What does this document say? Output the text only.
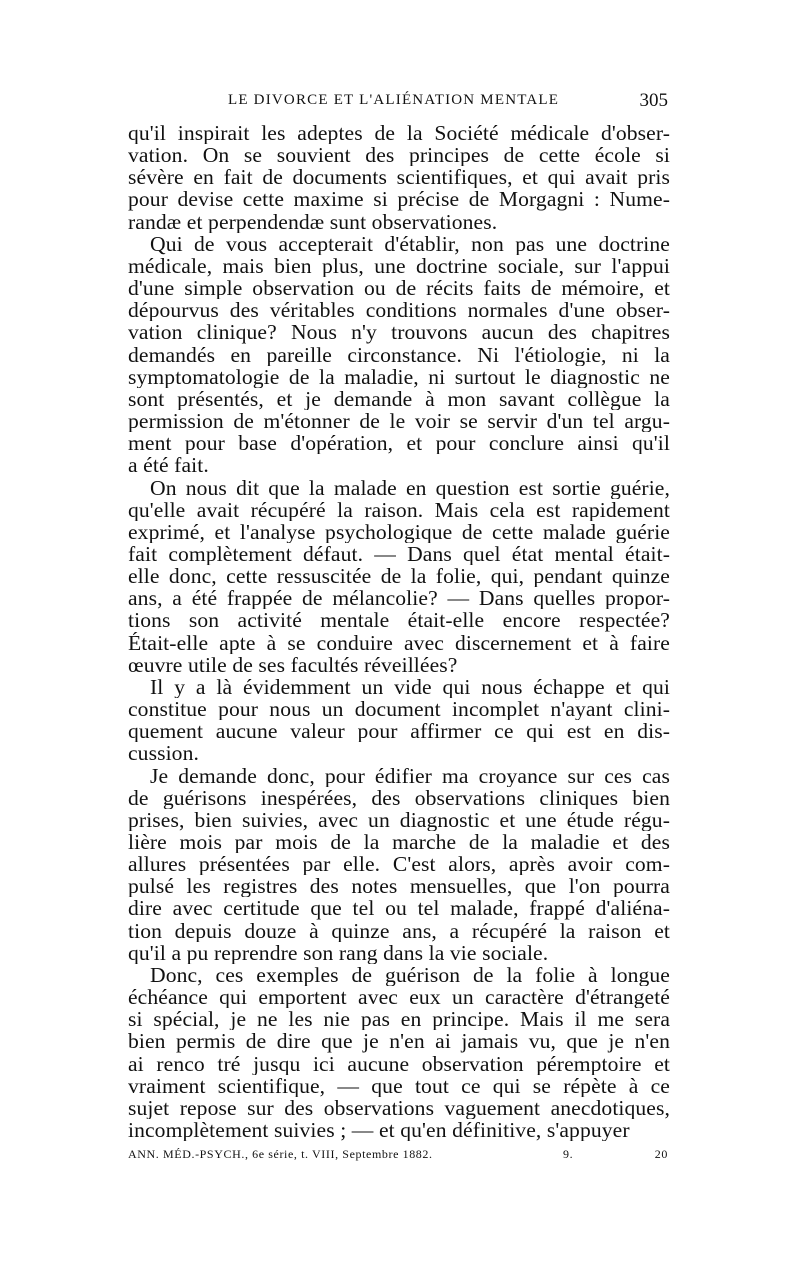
LE DIVORCE ET L'ALIÉNATION MENTALE	305

qu'il inspirait les adeptes de la Société médicale d'obser-
vation. On se souvient des principes de cette école si
sévère en fait de documents scientifiques, et qui avait pris
pour devise cette maxime si précise de Morgagni : Nume-
randæ et perpendendæ sunt observationes.

Qui de vous accepterait d'établir, non pas une doctrine
médicale, mais bien plus, une doctrine sociale, sur l'appui
d'une simple observation ou de récits faits de mémoire, et
dépourvus des véritables conditions normales d'une obser-
vation clinique? Nous n'y trouvons aucun des chapitres
demandés en pareille circonstance. Ni l'étiologie, ni la
symptomatologie de la maladie, ni surtout le diagnostic ne
sont présentés, et je demande à mon savant collègue la
permission de m'étonner de le voir se servir d'un tel argu-
ment pour base d'opération, et pour conclure ainsi qu'il
a été fait.

On nous dit que la malade en question est sortie guérie,
qu'elle avait récupéré la raison. Mais cela est rapidement
exprimé, et l'analyse psychologique de cette malade guérie
fait complètement défaut. — Dans quel état mental était-
elle donc, cette ressuscitée de la folie, qui, pendant quinze
ans, a été frappée de mélancolie? — Dans quelles propor-
tions son activité mentale était-elle encore respectée?
Était-elle apte à se conduire avec discernement et à faire
œuvre utile de ses facultés réveillées?

Il y a là évidemment un vide qui nous échappe et qui
constitue pour nous un document incomplet n'ayant clini-
quement aucune valeur pour affirmer ce qui est en dis-
cussion.

Je demande donc, pour édifier ma croyance sur ces cas
de guérisons inespérées, des observations cliniques bien
prises, bien suivies, avec un diagnostic et une étude régu-
lière mois par mois de la marche de la maladie et des
allures présentées par elle. C'est alors, après avoir com-
pulsé les registres des notes mensuelles, que l'on pourra
dire avec certitude que tel ou tel malade, frappé d'aliéna-
tion depuis douze à quinze ans, a récupéré la raison et
qu'il a pu reprendre son rang dans la vie sociale.

Donc, ces exemples de guérison de la folie à longue
échéance qui emportent avec eux un caractère d'étrangeté
si spécial, je ne les nie pas en principe. Mais il me sera
bien permis de dire que je n'en ai jamais vu, que je n'en
ai renco tré jusqu ici aucune observation péremptoire et
vraiment scientifique, — que tout ce qui se répète à ce
sujet repose sur des observations vaguement anecdotiques,
incomplètement suivies ; — et qu'en définitive, s'appuyer

ANN. MÉD.-PSYCH., 6e série, t. VIII, Septembre 1882.	9.	20
